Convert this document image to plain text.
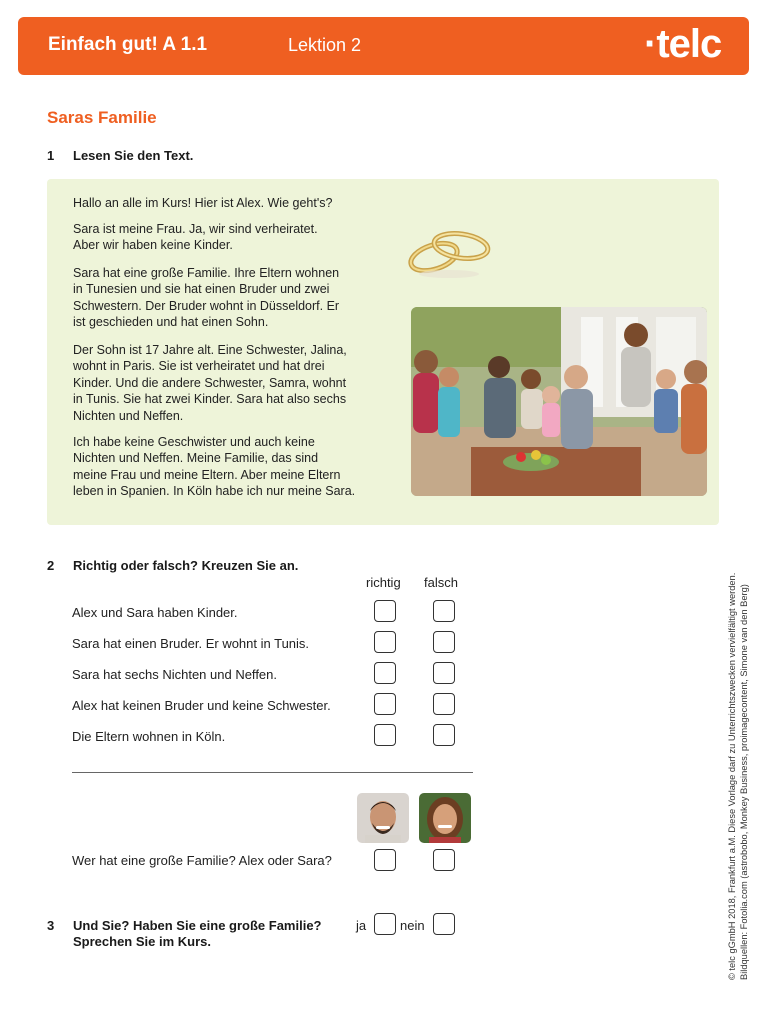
Einfach gut! A 1.1	Lektion 2	·telc
Saras Familie
1 Lesen Sie den Text.
Hallo an alle im Kurs! Hier ist Alex. Wie geht's?
Sara ist meine Frau. Ja, wir sind verheiratet.
Aber wir haben keine Kinder.
Sara hat eine große Familie. Ihre Eltern wohnen
in Tunesien und sie hat einen Bruder und zwei
Schwestern. Der Bruder wohnt in Düsseldorf. Er
ist geschieden und hat einen Sohn.
Der Sohn ist 17 Jahre alt. Eine Schwester, Jalina,
wohnt in Paris. Sie ist verheiratet und hat drei
Kinder. Und die andere Schwester, Samra, wohnt
in Tunis. Sie hat zwei Kinder. Sara hat also sechs
Nichten und Neffen.
Ich habe keine Geschwister und auch keine
Nichten und Neffen. Meine Familie, das sind
meine Frau und meine Eltern. Aber meine Eltern
leben in Spanien. In Köln habe ich nur meine Sara.
2 Richtig oder falsch? Kreuzen Sie an.
richtig falsch
Alex und Sara haben Kinder.
Sara hat einen Bruder. Er wohnt in Tunis.
Sara hat sechs Nichten und Neffen.
Alex hat keinen Bruder und keine Schwester.
Die Eltern wohnen in Köln.
Wer hat eine große Familie? Alex oder Sara?
3 Und Sie? Haben Sie eine große Familie?
Sprechen Sie im Kurs.
ja	nein	© telc gGmbH 2018, Frankfurt a.M. Diese Vorlage darf zu Unterrichtszwecken vervielfältigt werden. Bildquellen: Fotolia.com (astrobobo, Monkey Business, proimagecontent, Simone van den Berg)
